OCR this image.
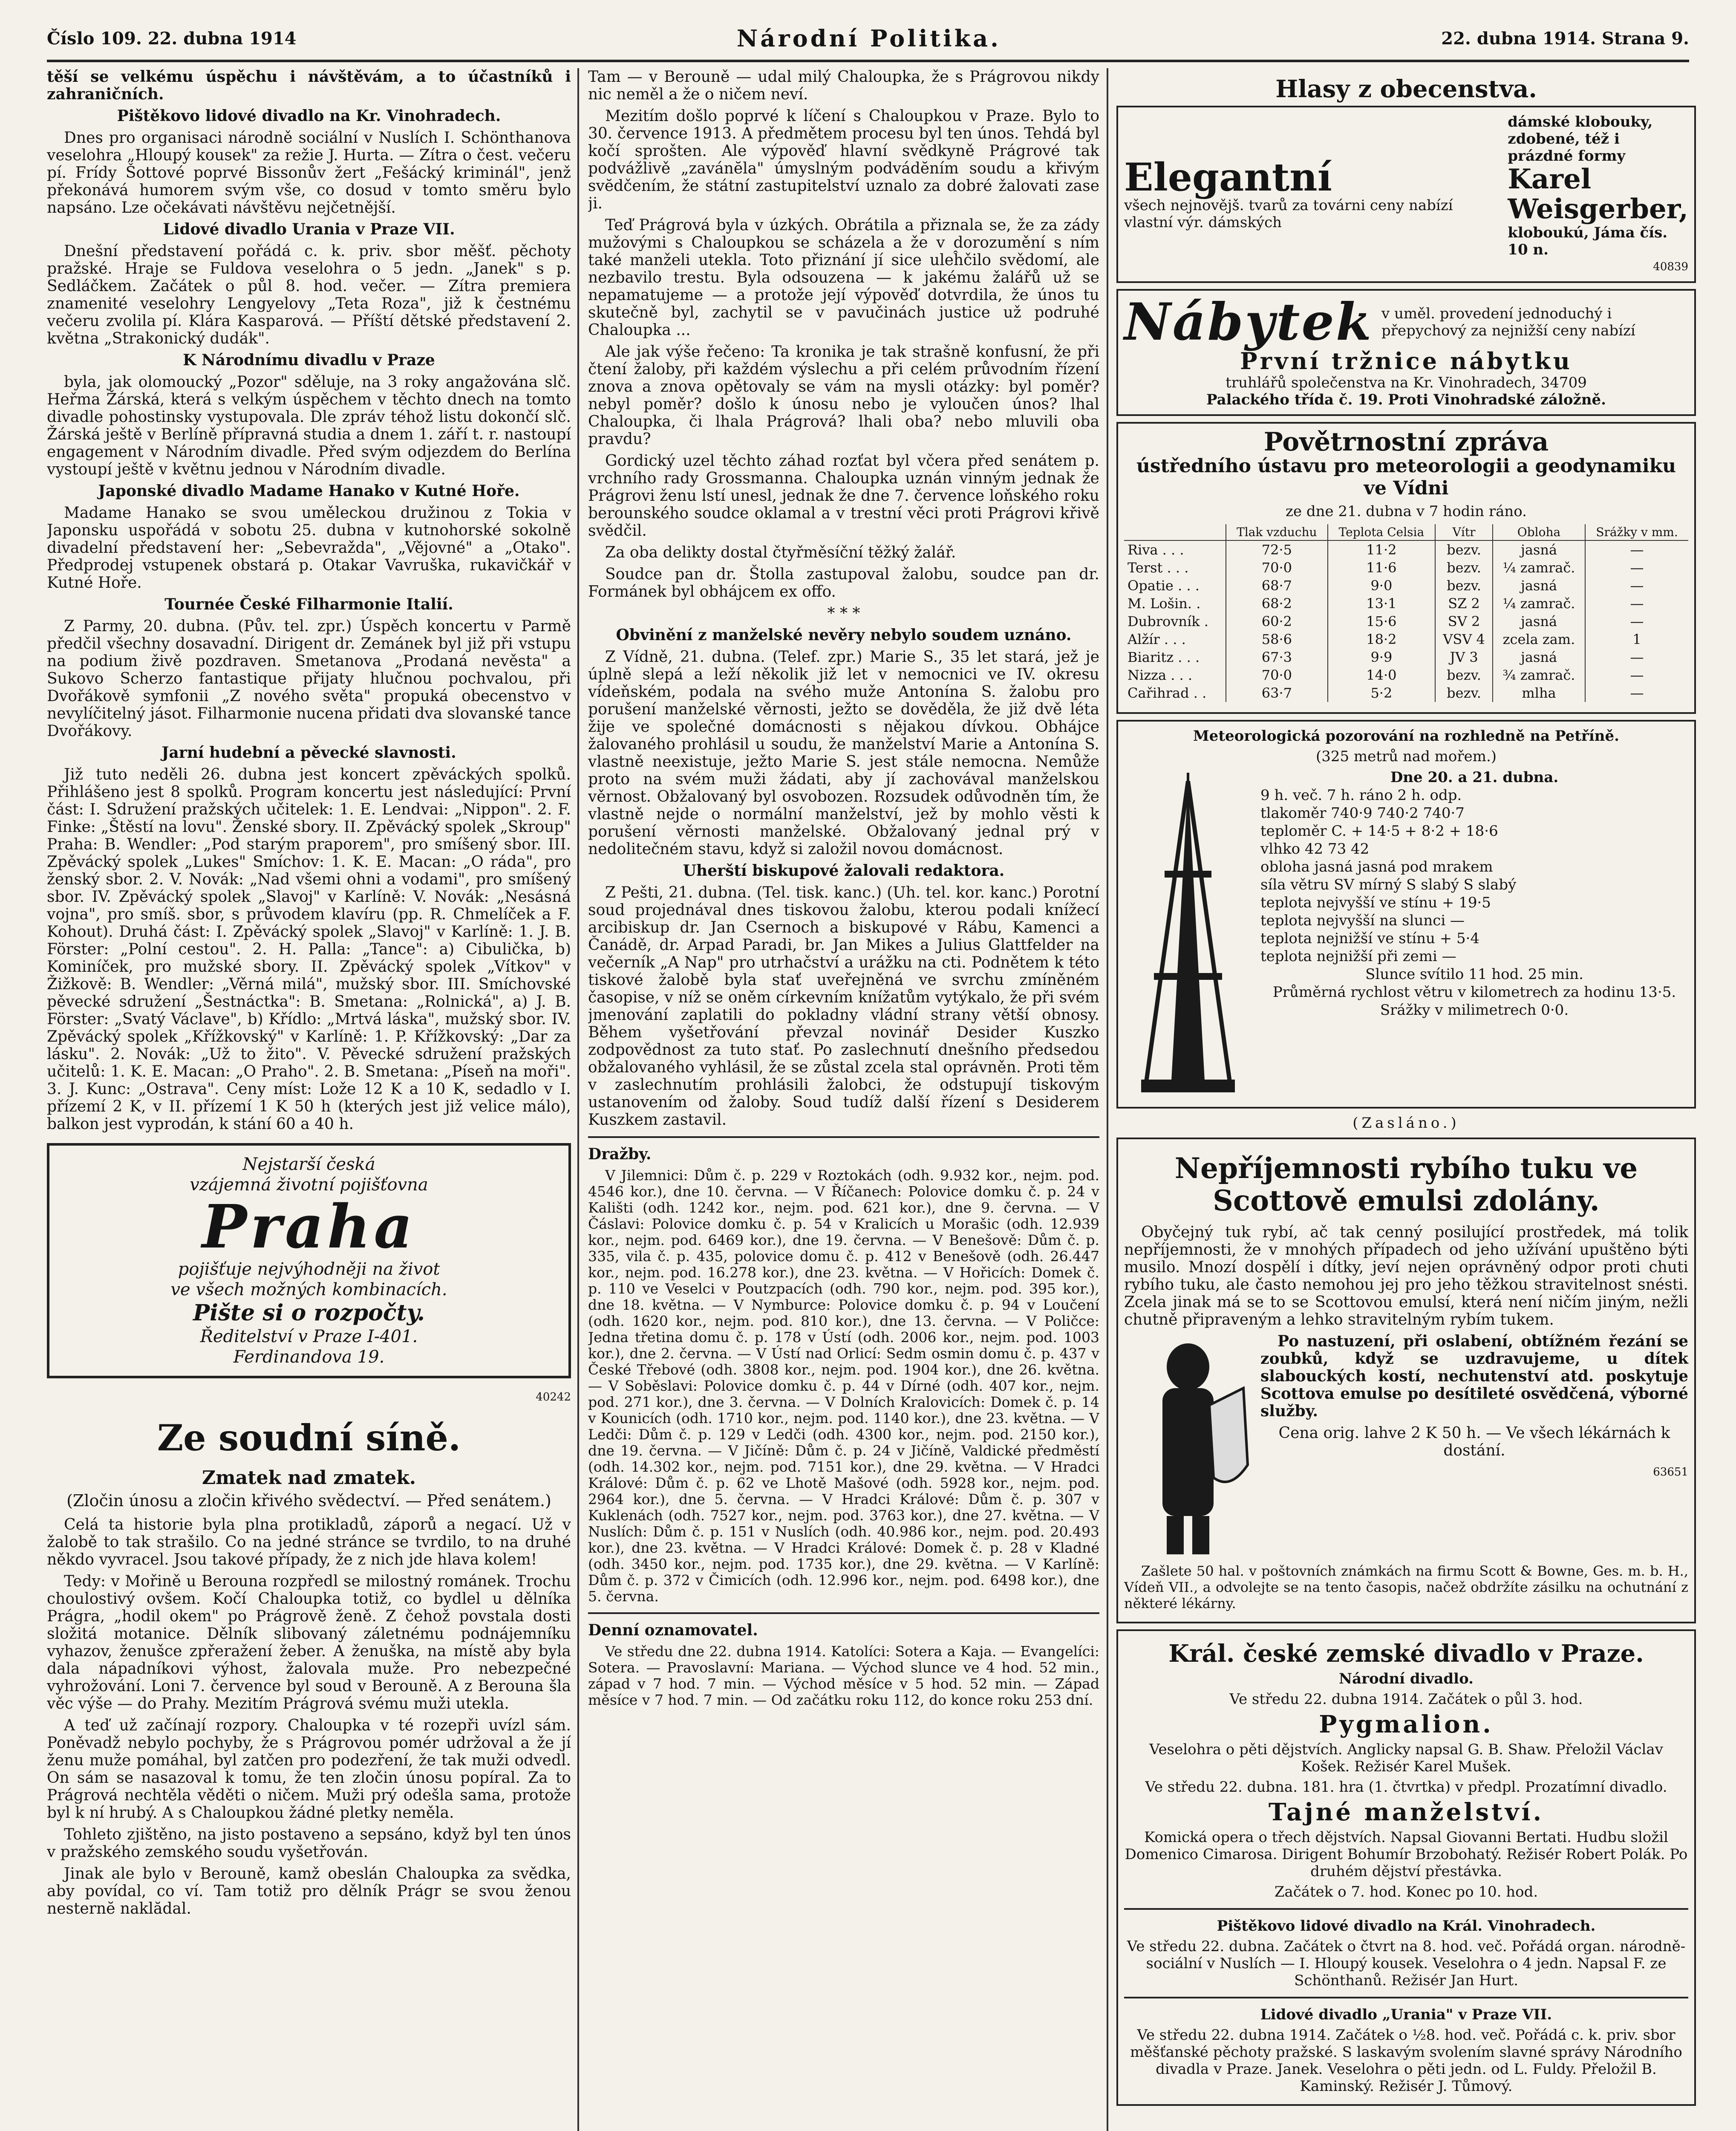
Číslo 109. 22. dubna 1914	Národní Politika.	22. dubna 1914. Strana 9.

těší se velkému úspěchu i návštěvám, a to účastníků i zahraničních.

Pištěkovo lidové divadlo na Kr. Vinohradech.

Dnes pro organisaci národně sociální v Nuslích I. Schönthanova veselohra „Hloupý kousek" za režie J. Hurta. — Zítra o čest. večeru pí. Frídy Šottové poprvé Bissonův žert „Fešácký kriminál", jenž překonává humorem svým vše, co dosud v tomto směru bylo napsáno. Lze očekávati návštěvu nejčetnější.

Lidové divadlo Urania v Praze VII.

Dnešní představení pořádá c. k. priv. sbor měšť. pěchoty pražské. Hraje se Fuldova veselohra o 5 jedn. „Janek" s p. Sedláčkem. Začátek o půl 8. hod. večer. — Zítra premiera znamenité veselohry Lengyelovy „Teta Roza", již k čestnému večeru zvolila pí. Klára Kasparová. — Příští dětské představení 2. května „Strakonický dudák".

K Národnímu divadlu v Praze

byla, jak olomoucký „Pozor" sděluje, na 3 roky angažována slč. Heřma Žárská, která s velkým úspěchem v těchto dnech na tomto divadle pohostinsky vystupovala. Dle zpráv téhož listu dokončí slč. Žárská ještě v Berlíně přípravná studia a dnem 1. září t. r. nastoupí engagement v Národním divadle. Před svým odjezdem do Berlína vystoupí ještě v květnu jednou v Národním divadle.

Japonské divadlo Madame Hanako v Kutné Hoře.

Madame Hanako se svou uměleckou družinou z Tokia v Japonsku uspořádá v sobotu 25. dubna v kutnohorské sokolně divadelní představení her: „Sebevražda", „Vějovné" a „Otako". Předprodej vstupenek obstará p. Otakar Vavruška, rukavičkář v Kutné Hoře.

Tournée České Filharmonie Italií.

Z Parmy, 20. dubna. (Pův. tel. zpr.) Úspěch koncertu v Parmě předčil všechny dosavadní. Dirigent dr. Zemánek byl již při vstupu na podium živě pozdraven. Smetanova „Prodaná nevěsta" a Sukovo Scherzo fantastique přijaty hlučnou pochvalou, při Dvořákově symfonii „Z nového světa" propuká obecenstvo v nevylíčitelný jásot. Filharmonie nucena přidati dva slovanské tance Dvořákovy.

Jarní hudební a pěvecké slavnosti.

Již tuto neděli 26. dubna jest koncert zpěváckých spolků. Přihlášeno jest 8 spolků. Program koncertu jest následující: První část: I. Sdružení pražských učitelek: 1. E. Lendvai: „Nippon". 2. F. Finke: „Štěstí na lovu". Ženské sbory. II. Zpěvácký spolek „Skroup" Praha: B. Wendler: „Pod starým praporem", pro smíšený sbor. III. Zpěvácký spolek „Lukes" Smíchov: 1. K. E. Macan: „O ráda", pro ženský sbor. 2. V. Novák: „Nad všemi ohni a vodami", pro smíšený sbor. IV. Zpěvácký spolek „Slavoj" v Karlíně: V. Novák: „Nesásná vojna", pro smíš. sbor, s průvodem klavíru (pp. R. Chmelíček a F. Kohout). Druhá část: I. Zpěvácký spolek „Slavoj" v Karlíně: 1. J. B. Förster: „Polní cestou". 2. H. Palla: „Tance": a) Cibulička, b) Kominíček, pro mužské sbory. II. Zpěvácký spolek „Vítkov" v Žižkově: B. Wendler: „Věrná milá", mužský sbor. III. Smíchovské pěvecké sdružení „Šestnáctka": B. Smetana: „Rolnická", a) J. B. Förster: „Svatý Václave", b) Křídlo: „Mrtvá láska", mužský sbor. IV. Zpěvácký spolek „Křížkovský" v Karlíně: 1. P. Křížkovský: „Dar za lásku". 2. Novák: „Už to žito". V. Pěvecké sdružení pražských učitelů: 1. K. E. Macan: „O Praho". 2. B. Smetana: „Píseň na moři". 3. J. Kunc: „Ostrava". Ceny míst: Lože 12 K a 10 K, sedadlo v I. přízemí 2 K, v II. přízemí 1 K 50 h (kterých jest již velice málo), balkon jest vyprodán, k stání 60 a 40 h.

Nejstarší česká
vzájemná životní pojišťovna
Praha
pojišťuje nejvýhodněji na život
ve všech možných kombinacích.
Pište si o rozpočty.
Ředitelství v Praze I-401.
Ferdinandova 19.

40242

Ze soudní síně.
Zmatek nad zmatek.
(Zločin únosu a zločin křivého svědectví. — Před senátem.)

Celá ta historie byla plna protikladů, záporů a negací. Už v žalobě to tak strašilo. Co na jedné stránce se tvrdilo, to na druhé někdo vyvracel. Jsou takové případy, že z nich jde hlava kolem!

Tedy: v Mořině u Berouna rozpředl se milostný románek. Trochu choulostivý ovšem. Kočí Chaloupka totiž, co bydlel u dělníka Prágra, „hodil okem" po Prágrově ženě. Z čehož povstala dosti složitá motanice. Dělník slibovaný záletnému podnájemníku vyhazov, ženušce zpřeražení žeber. A ženuška, na místě aby byla dala nápadníkovi výhost, žalovala muže. Pro nebezpečné vyhrožování. Loni 7. července byl soud v Berouně. A z Berouna šla věc výše — do Prahy. Mezitím Prágrová svému muži utekla.

A teď už začínají rozpory. Chaloupka v té rozepři uvízl sám. Poněvadž nebylo pochyby, že s Prágrovou pomér udržoval a že jí ženu muže pomáhal, byl zatčen pro podezření, že tak muži odvedl. On sám se nasazoval k tomu, že ten zločin únosu popíral. Za to Prágrová nechtěla věděti o ničem. Muži prý odešla sama, protože byl k ní hrubý. A s Chaloupkou žádné pletky neměla.

Tohleto zjištěno, na jisto postaveno a sepsáno, když byl ten únos v pražského zemského soudu vyšetřován.

Jinak ale bylo v Berouně, kamž obeslán Chaloupka za svědka, aby povídal, co ví. Tam totiž pro dělník Prágr se svou ženou nesternĕ naklădal.

Tam — v Berouně — udal milý Chaloupka, že s Prágrovou nikdy nic neměl a že o ničem neví.

Mezitím došlo poprvé k líčení s Chaloupkou v Praze. Bylo to 30. července 1913. A předmětem procesu byl ten únos. Tehdá byl kočí sprošten. Ale výpověď hlavní svědkyně Prágrové tak podvážlivě „zavánĕla" úmyslným podvádĕním soudu a křivým svĕdčením, že státní zastupitelství uznalo za dobré žalovati zase ji.

Teď Prágrová byla v úzkých. Obrátila a přiznala se, že za zády mužovými s Chaloupkou se scházela a že v dorozumění s ním také manželi utekla. Toto přiznání jí sice uleĥčilo svědomí, ale nezbavilo trestu. Byla odsouzena — k jakému žalářů už se nepamatujeme — a protože její výpověď dotvrdila, že únos tu skutečně byl, zachytil se v pavučinách justice už podruhé Chaloupka ...

Ale jak výše řečeno: Ta kronika je tak strašně konfusní, že při čtení žaloby, při každém výslechu a při celém průvodním řízení znova a znova opětovaly se vám na mysli otázky: byl poměr? nebyl poměr? došlo k únosu nebo je vyloučen únos? lhal Chaloupka, či lhala Prágrová? lhali oba? nebo mluvili oba pravdu?

Gordický uzel těchto záhad rozťat byl včera před senátem p. vrchního rady Grossmanna. Chaloupka uznán vinným jednak že Prágrovi ženu lstí unesl, jednak že dne 7. července loňského roku berounského soudce oklamal a v trestní věci proti Prágrovi křivě svědčil.

Za oba delikty dostal čtyřměsíční těžký žalář.

Soudce pan dr. Štolla zastupoval žalobu, soudce pan dr. Formánek byl obhájcem ex offo.

* * *

Obvinění z manželské nevěry nebylo soudem uznáno.

Z Vídně, 21. dubna. (Telef. zpr.) Marie S., 35 let stará, jež je úplně slepá a leží několik již let v nemocnici ve IV. okresu vídeňském, podala na svého muže Antonína S. žalobu pro porušení manželské věrnosti, ježto se dověděla, že již dvě léta žije ve společné domácnosti s nějakou dívkou. Obhájce žalovaného prohlásil u soudu, že manželství Marie a Antonína S. vlastně neexistuje, ježto Marie S. jest stále nemocna. Nemůže proto na svém muži žádati, aby jí zachovával manželskou věrnost. Obžalovaný byl osvobozen. Rozsudek odůvodněn tím, že vlastně nejde o normální manželství, jež by mohlo věsti k porušení věrnosti manželské. Obžalovaný jednal prý v nedolitečném stavu, když si založil novou domácnost.

Uherští biskupové žalovali redaktora.

Z Pešti, 21. dubna. (Tel. tisk. kanc.) (Uh. tel. kor. kanc.) Porotní soud projednával dnes tiskovou žalobu, kterou podali knížecí arcibiskup dr. Jan Csernoch a biskupové v Rábu, Kamenci a Čanádě, dr. Arpad Paradi, br. Jan Mikes a Julius Glattfelder na večerník „A Nap" pro utrhačství a urážku na cti. Podnětem k této tiskové žalobě byla stať uveřejněná ve svrchu zmíněném časopise, v níž se oněm církevním knížatům vytýkalo, že při svém jmenování zaplatili do pokladny vládní strany větší obnosy. Během vyšetřování převzal novinář Desider Kuszko zodpovědnost za tuto stať. Po zaslechnutí dnešního předsedou obžalovaného vyhlásil, že se zůstal zcela stal oprávněn. Proti těm v zaslechnutím prohlásili žalobci, že odstupují tiskovým ustanovením od žaloby. Soud tudíž další řízení s Desiderem Kuszkem zastavil.

Dražby.

V Jilemnici: Dům č. p. 229 v Roztokách (odh. 9.932 kor., nejm. pod. 4546 kor.), dne 10. června. — V Říčanech: Polovice domku č. p. 24 v Kališti (odh. 1242 kor., nejm. pod. 621 kor.), dne 9. června. — V Čáslavi: Polovice domku č. p. 54 v Kralicích u Morašic (odh. 12.939 kor., nejm. pod. 6469 kor.), dne 19. června. — V Benešově: Dům č. p. 335, vila č. p. 435, polovice domu č. p. 412 v Benešově (odh. 26.447 kor., nejm. pod. 16.278 kor.), dne 23. května. — V Hořicích: Domek č. p. 110 ve Veselci v Poutzpacích (odh. 790 kor., nejm. pod. 395 kor.), dne 18. května. — V Nymburce: Polovice domku č. p. 94 v Loučení (odh. 1620 kor., nejm. pod. 810 kor.), dne 13. června. — V Poličce: Jedna třetina domu č. p. 178 v Ústí (odh. 2006 kor., nejm. pod. 1003 kor.), dne 2. června. — V Ústí nad Orlicí: Sedm osmin domu č. p. 437 v České Třebové (odh. 3808 kor., nejm. pod. 1904 kor.), dne 26. května. — V Soběslavi: Polovice domku č. p. 44 v Dírné (odh. 407 kor., nejm. pod. 271 kor.), dne 3. června. — V Dolních Kralovicích: Domek č. p. 14 v Kounicích (odh. 1710 kor., nejm. pod. 1140 kor.), dne 23. května. — V Ledči: Dům č. p. 129 v Ledči (odh. 4300 kor., nejm. pod. 2150 kor.), dne 19. června. — V Jičíně: Dům č. p. 24 v Jičíně, Valdické předměstí (odh. 14.302 kor., nejm. pod. 7151 kor.), dne 29. května. — V Hradci Králové: Dům č. p. 62 ve Lhotě Mašové (odh. 5928 kor., nejm. pod. 2964 kor.), dne 5. června. — V Hradci Králové: Dům č. p. 307 v Kuklenách (odh. 7527 kor., nejm. pod. 3763 kor.), dne 27. května. — V Nuslích: Dům č. p. 151 v Nuslích (odh. 40.986 kor., nejm. pod. 20.493 kor.), dne 23. května. — V Hradci Králové: Domek č. p. 28 v Kladné (odh. 3450 kor., nejm. pod. 1735 kor.), dne 29. května. — V Karlíně: Dům č. p. 372 v Čimicích (odh. 12.996 kor., nejm. pod. 6498 kor.), dne 5. června.

Denní oznamovatel.

Ve středu dne 22. dubna 1914. Katolíci: Sotera a Kaja. — Evangelíci: Sotera. — Pravoslavní: Mariana. — Východ slunce ve 4 hod. 52 min., západ v 7 hod. 7 min. — Východ měsíce v 5 hod. 52 min. — Západ měsíce v 7 hod. 7 min. — Od začátku roku 112, do konce roku 253 dní.

Hlasy z obecenstva.
Elegantní
všech nejnovějš. tvarů za továrni ceny nabízí vlastní výr. dámských
dámské klobouky, zdobené, též i prázdné formy
Karel Weisgerber,
kloboukú, Jáma čís. 10 n.
40839
Nábytek v uměl. provedení jednoduchý i přepychový za nejnižší ceny nabízí
První tržnice nábytku
truhlářů společenstva na Kr. Vinohradech, 34709
Palackého třída č. 19. Proti Vinohradské záložně.
Povětrnostní zpráva
ústředního ústavu pro meteorologii a geodynamiku ve Vídni
ze dne 21. dubna v 7 hodin ráno.
	Tlak vzduchu	Teplota Celsia	Vítr	Obloha	Srážky v mm.
Riva . . .	72·5	11·2	bezv.	jasná	—
Terst . . .	70·0	11·6	bezv.	¼ zamrač.	—
Opatie . . .	68·7	9·0	bezv.	jasná	—
M. Lošin. .	68·2	13·1	SZ 2	¼ zamrač.	—
Dubrovník .	60·2	15·6	SV 2	jasná	—
Alžír . . .	58·6	18·2	VSV 4	zcela zam.	1
Biaritz . . .	67·3	9·9	JV 3	jasná	—
Nizza . . .	70·0	14·0	bezv.	¾ zamrač.	—
Cařihrad . .	63·7	5·2	bezv.	mlha	—
Meteorologická pozorování na rozhledně na Petříně.
(325 metrů nad mořem.)
Dne 20. a 21. dubna.
9 h. več. 7 h. ráno 2 h. odp.
tlakoměr 740·9 740·2 740·7
teploměr C. + 14·5 + 8·2 + 18·6
vlhko 42 73 42
obloha jasná jasná pod mrakem
síla větru SV mírný S slabý S slabý
teplota nejvyšší ve stínu + 19·5
teplota nejvyšší na slunci —
teplota nejnižší ve stínu + 5·4
teplota nejnižší při zemi —
Slunce svítilo 11 hod. 25 min.
Průměrná rychlost větru v kilometrech za hodinu 13·5.
Srážky v milimetrech 0·0.
(Zasláno.)
Nepříjemnosti rybího tuku ve Scottově emulsi zdolány.

Obyčejný tuk rybí, ač tak cenný posilující prostředek, má tolik nepříjemnosti, že v mnohých případech od jeho užívání upuštěno býti musilo. Mnozí dospělí i dítky, jeví nejen oprávněný odpor proti chuti rybího tuku, ale často nemohou jej pro jeho těžkou stravitelnost snésti. Zcela jinak má se to se Scottovou emulsí, která není ničím jiným, nežli chutně připraveným a lehko stravitelným rybím tukem.

Po nastuzení, při oslabení, obtížném řezání se zoubků, když se uzdravujeme, u dítek slabouckých kostí, nechutenství atd. poskytuje Scottova emulse po desítileté osvědčená, výborné služby.

Cena orig. lahve 2 K 50 h. — Ve všech lékárnách k dostání.

63651

Zašlete 50 hal. v poštovních známkách na firmu Scott & Bowne, Ges. m. b. H., Vídeň VII., a odvolejte se na tento časopis, načež obdržíte zásilku na ochutnání z některé lékárny.

Král. české zemské divadlo v Praze.
Národní divadlo.
Ve středu 22. dubna 1914. Začátek o půl 3. hod.
Pygmalion.
Veselohra o pěti dějstvích. Anglicky napsal G. B. Shaw. Přeložil Václav Košek. Režisér Karel Mušek.
Ve středu 22. dubna. 181. hra (1. čtvrtka) v předpl. Prozatímní divadlo.
Tajné manželství.
Komická opera o třech dějstvích. Napsal Giovanni Bertati. Hudbu složil Domenico Cimarosa. Dirigent Bohumír Brzobohatý. Režisér Robert Polák. Po druhém dějství přestávka.
Začátek o 7. hod. Konec po 10. hod.
Pištěkovo lidové divadlo na Král. Vinohradech.
Ve středu 22. dubna. Začátek o čtvrt na 8. hod. več. Pořádá organ. národně-sociální v Nuslích — I. Hloupý kousek. Veselohra o 4 jedn. Napsal F. ze Schönthanů. Režisér Jan Hurt.
Lidové divadlo „Urania" v Praze VII.
Ve středu 22. dubna 1914. Začátek o ½8. hod. več. Pořádá c. k. priv. sbor měšťanské pěchoty pražské. S laskavým svolením slavné správy Národního divadla v Praze. Janek. Veselohra o pěti jedn. od L. Fuldy. Přeložil B. Kaminský. Režisér J. Tůmový.
